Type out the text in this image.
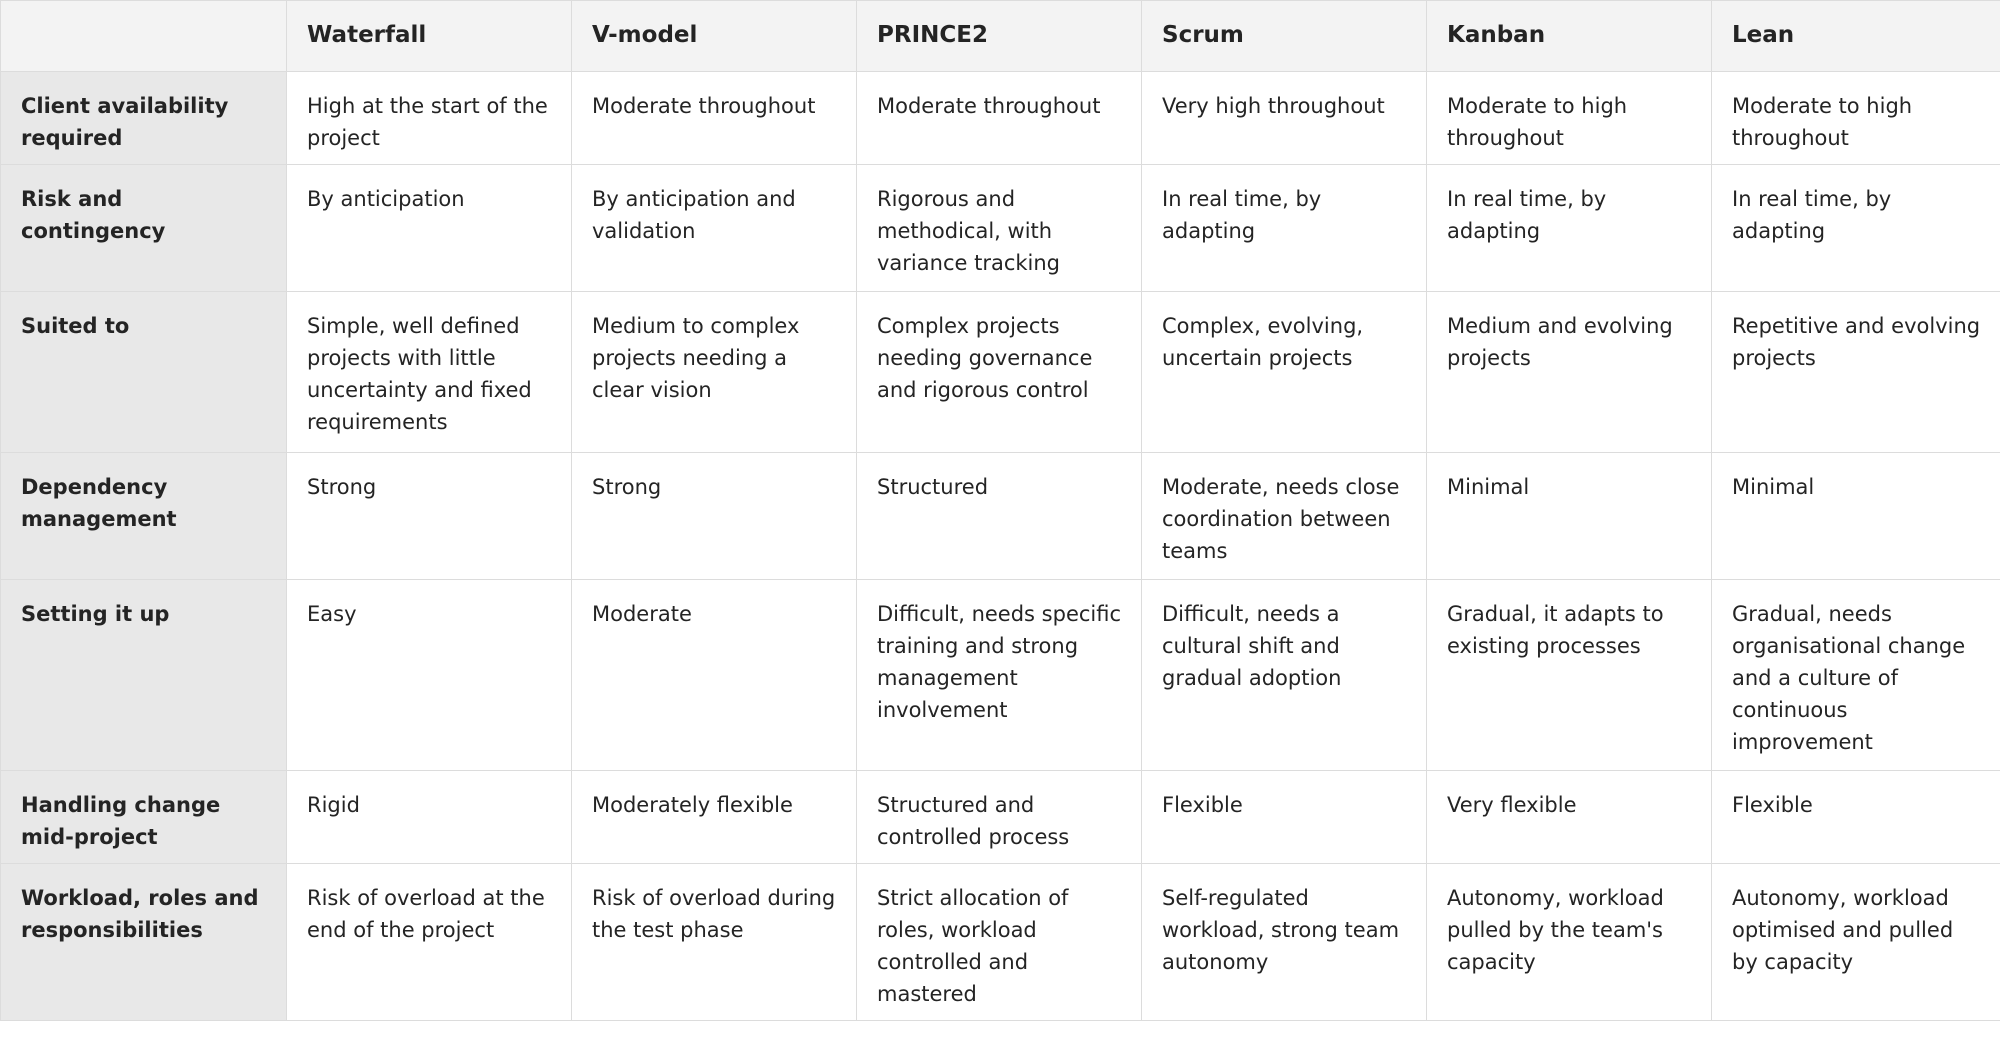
	Waterfall	V-model	PRINCE2	Scrum	Kanban	Lean
Client availability required	High at the start of the project	Moderate throughout	Moderate throughout	Very high throughout	Moderate to high throughout	Moderate to high throughout
Risk and contingency	By anticipation	By anticipation and validation	Rigorous and methodical, with variance tracking	In real time, by adapting	In real time, by adapting	In real time, by adapting
Suited to	Simple, well defined projects with little uncertainty and fixed requirements	Medium to complex projects needing a clear vision	Complex projects needing governance and rigorous control	Complex, evolving, uncertain projects	Medium and evolving projects	Repetitive and evolving projects
Dependency management	Strong	Strong	Structured	Moderate, needs close coordination between teams	Minimal	Minimal
Setting it up	Easy	Moderate	Difficult, needs specific training and strong management involvement	Difficult, needs a cultural shift and gradual adoption	Gradual, it adapts to existing processes	Gradual, needs organisational change and a culture of continuous improvement
Handling change mid-project	Rigid	Moderately flexible	Structured and controlled process	Flexible	Very flexible	Flexible
Workload, roles and responsibilities	Risk of overload at the end of the project	Risk of overload during the test phase	Strict allocation of roles, workload controlled and mastered	Self-regulated workload, strong team autonomy	Autonomy, workload pulled by the team's capacity	Autonomy, workload optimised and pulled by capacity
